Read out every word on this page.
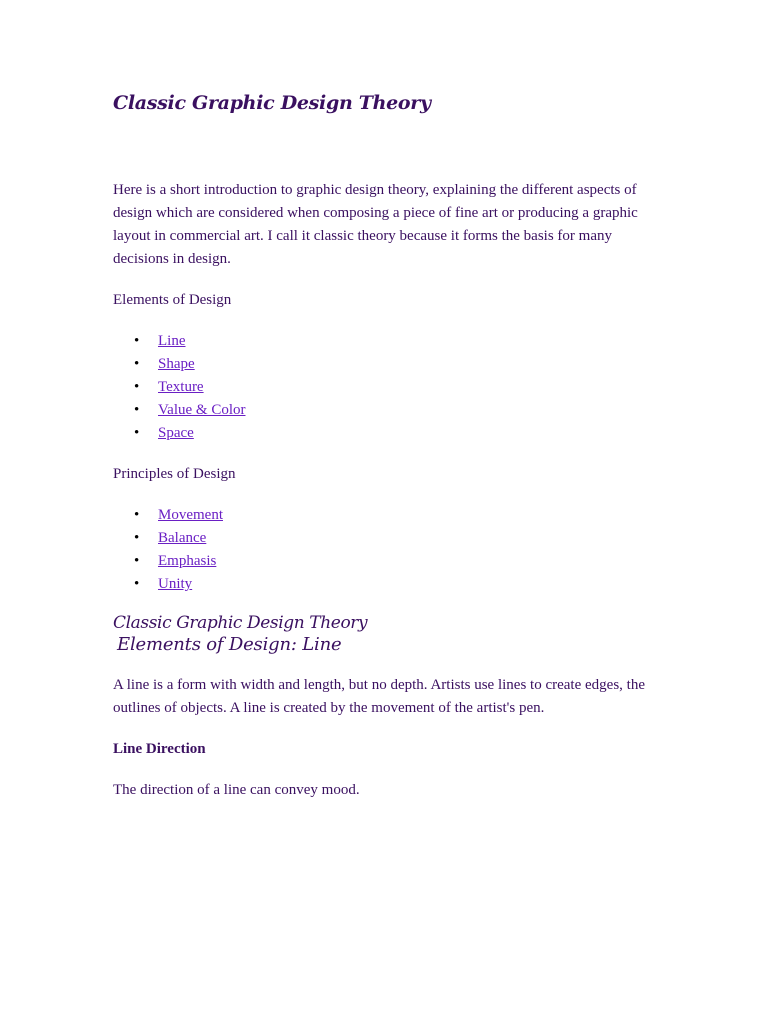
Classic Graphic Design Theory

Here is a short introduction to graphic design theory, explaining the different aspects of design which are considered when composing a piece of fine art or producing a graphic layout in commercial art. I call it classic theory because it forms the basis for many decisions in design.

Elements of Design

• Line
• Shape
• Texture
• Value & Color
• Space

Principles of Design

• Movement
• Balance
• Emphasis
• Unity
Classic Graphic Design Theory
Elements of Design: Line

A line is a form with width and length, but no depth. Artists use lines to create edges, the outlines of objects. A line is created by the movement of the artist's pen.

Line Direction

The direction of a line can convey mood.
